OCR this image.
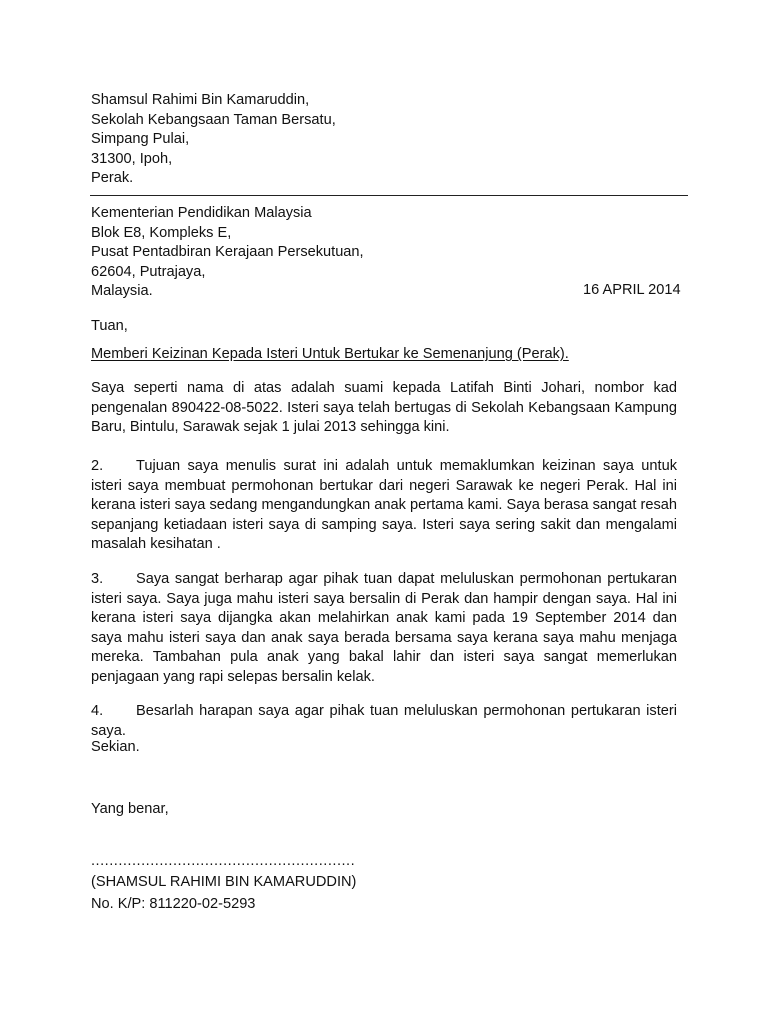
Shamsul Rahimi Bin Kamaruddin,
Sekolah Kebangsaan Taman Bersatu,
Simpang Pulai,
31300, Ipoh,
Perak.
Kementerian Pendidikan Malaysia
Blok E8, Kompleks E,
Pusat Pentadbiran Kerajaan Persekutuan,
62604, Putrajaya,
Malaysia.	16 APRIL 2014
Tuan,
Memberi Keizinan Kepada Isteri Untuk Bertukar ke Semenanjung (Perak).
Saya seperti nama di atas adalah suami kepada Latifah Binti Johari, nombor kad pengenalan 890422-08-5022. Isteri saya telah bertugas di Sekolah Kebangsaan Kampung Baru, Bintulu, Sarawak sejak 1 julai 2013 sehingga kini.
2. Tujuan saya menulis surat ini adalah untuk memaklumkan keizinan saya untuk isteri saya membuat permohonan bertukar dari negeri Sarawak ke negeri Perak. Hal ini kerana isteri saya sedang mengandungkan anak pertama kami. Saya berasa sangat resah sepanjang ketiadaan isteri saya di samping saya. Isteri saya sering sakit dan mengalami masalah kesihatan .
3. Saya sangat berharap agar pihak tuan dapat meluluskan permohonan pertukaran isteri saya. Saya juga mahu isteri saya bersalin di Perak dan hampir dengan saya. Hal ini kerana isteri saya dijangka akan melahirkan anak kami pada 19 September 2014 dan saya mahu isteri saya dan anak saya berada bersama saya kerana saya mahu menjaga mereka. Tambahan pula anak yang bakal lahir dan isteri saya sangat memerlukan penjagaan yang rapi selepas bersalin kelak.
4. Besarlah harapan saya agar pihak tuan meluluskan permohonan pertukaran isteri saya.
Sekian.
Yang benar,
..........................................................
(SHAMSUL RAHIMI BIN KAMARUDDIN)
No. K/P: 811220-02-5293
